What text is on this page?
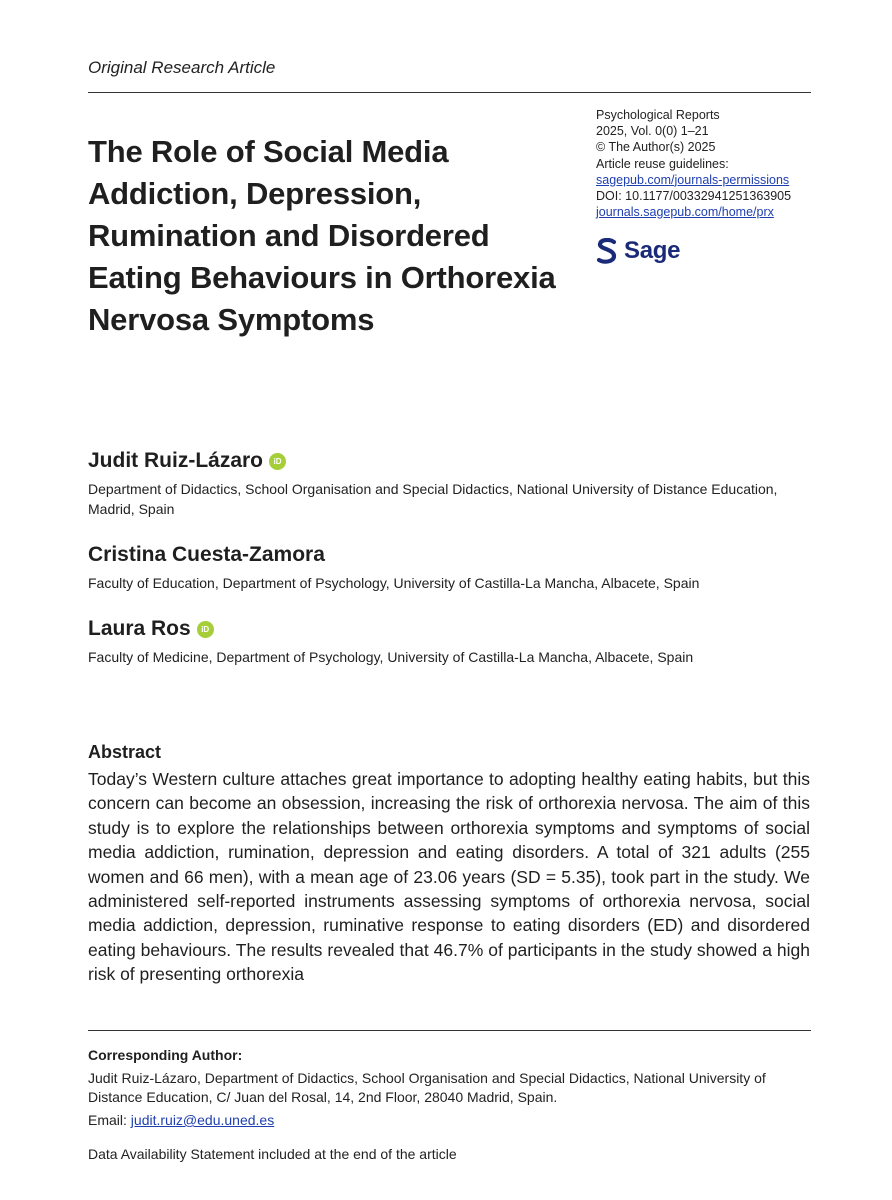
Original Research Article
The Role of Social Media Addiction, Depression, Rumination and Disordered Eating Behaviours in Orthorexia Nervosa Symptoms
Psychological Reports
2025, Vol. 0(0) 1–21
© The Author(s) 2025
Article reuse guidelines:
sagepub.com/journals-permissions
DOI: 10.1177/00332941251363905
journals.sagepub.com/home/prx
Sage
Judit Ruiz-Lázaro	iD
Department of Didactics, School Organisation and Special Didactics, National University of Distance Education, Madrid, Spain
Cristina Cuesta-Zamora
Faculty of Education, Department of Psychology, University of Castilla-La Mancha, Albacete, Spain
Laura Ros	iD
Faculty of Medicine, Department of Psychology, University of Castilla-La Mancha, Albacete, Spain
Abstract

Today’s Western culture attaches great importance to adopting healthy eating habits, but this concern can become an obsession, increasing the risk of orthorexia nervosa. The aim of this study is to explore the relationships between orthorexia symptoms and symptoms of social media addiction, rumination, depression and eating disorders. A total of 321 adults (255 women and 66 men), with a mean age of 23.06 years (SD = 5.35), took part in the study. We administered self-reported instruments assessing symptoms of orthorexia nervosa, social media addiction, depression, ruminative response to eating disorders (ED) and disordered eating behaviours. The results revealed that 46.7% of participants in the study showed a high risk of presenting orthorexia

Corresponding Author:
Judit Ruiz-Lázaro, Department of Didactics, School Organisation and Special Didactics, National University of Distance Education, C/ Juan del Rosal, 14, 2nd Floor, 28040 Madrid, Spain.
Email: judit.ruiz@edu.uned.es
Data Availability Statement included at the end of the article
